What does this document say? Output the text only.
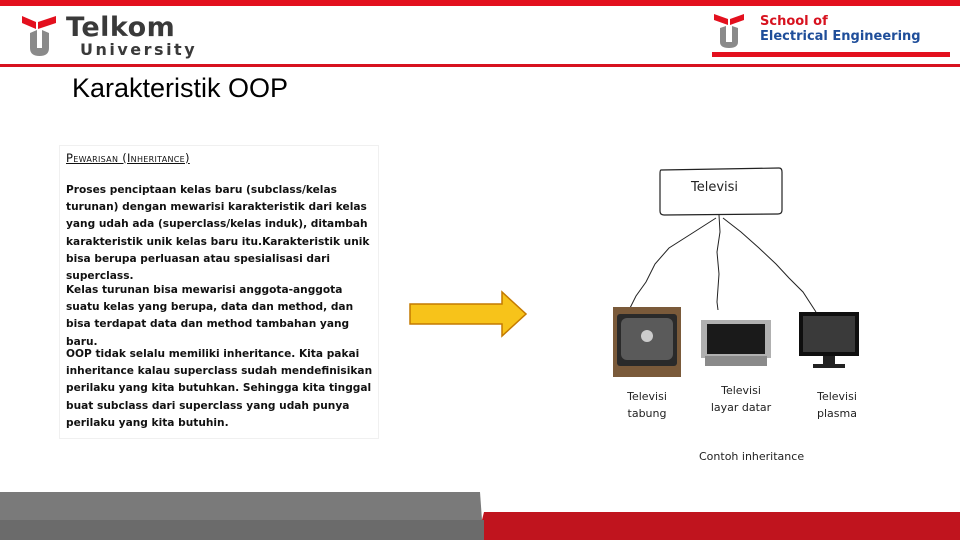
Telkom
University
School of
Electrical Engineering
Karakteristik OOP
Pewarisan (Inheritance)
Proses penciptaan kelas baru (subclass/kelas turunan) dengan mewarisi karakteristik dari kelas yang udah ada (superclass/kelas induk), ditambah karakteristik unik kelas baru itu.Karakteristik unik bisa berupa perluasan atau spesialisasi dari superclass.
Kelas turunan bisa mewarisi anggota-anggota suatu kelas yang berupa, data dan method, dan bisa terdapat data dan method tambahan yang baru.
OOP tidak selalu memiliki inheritance. Kita pakai inheritance kalau superclass sudah mendefinisikan perilaku yang kita butuhkan. Sehingga kita tinggal buat subclass dari superclass yang udah punya perilaku yang kita butuhin.
Televisi
Televisi
tabung
Televisi
layar datar
Televisi
plasma
Contoh inheritance
